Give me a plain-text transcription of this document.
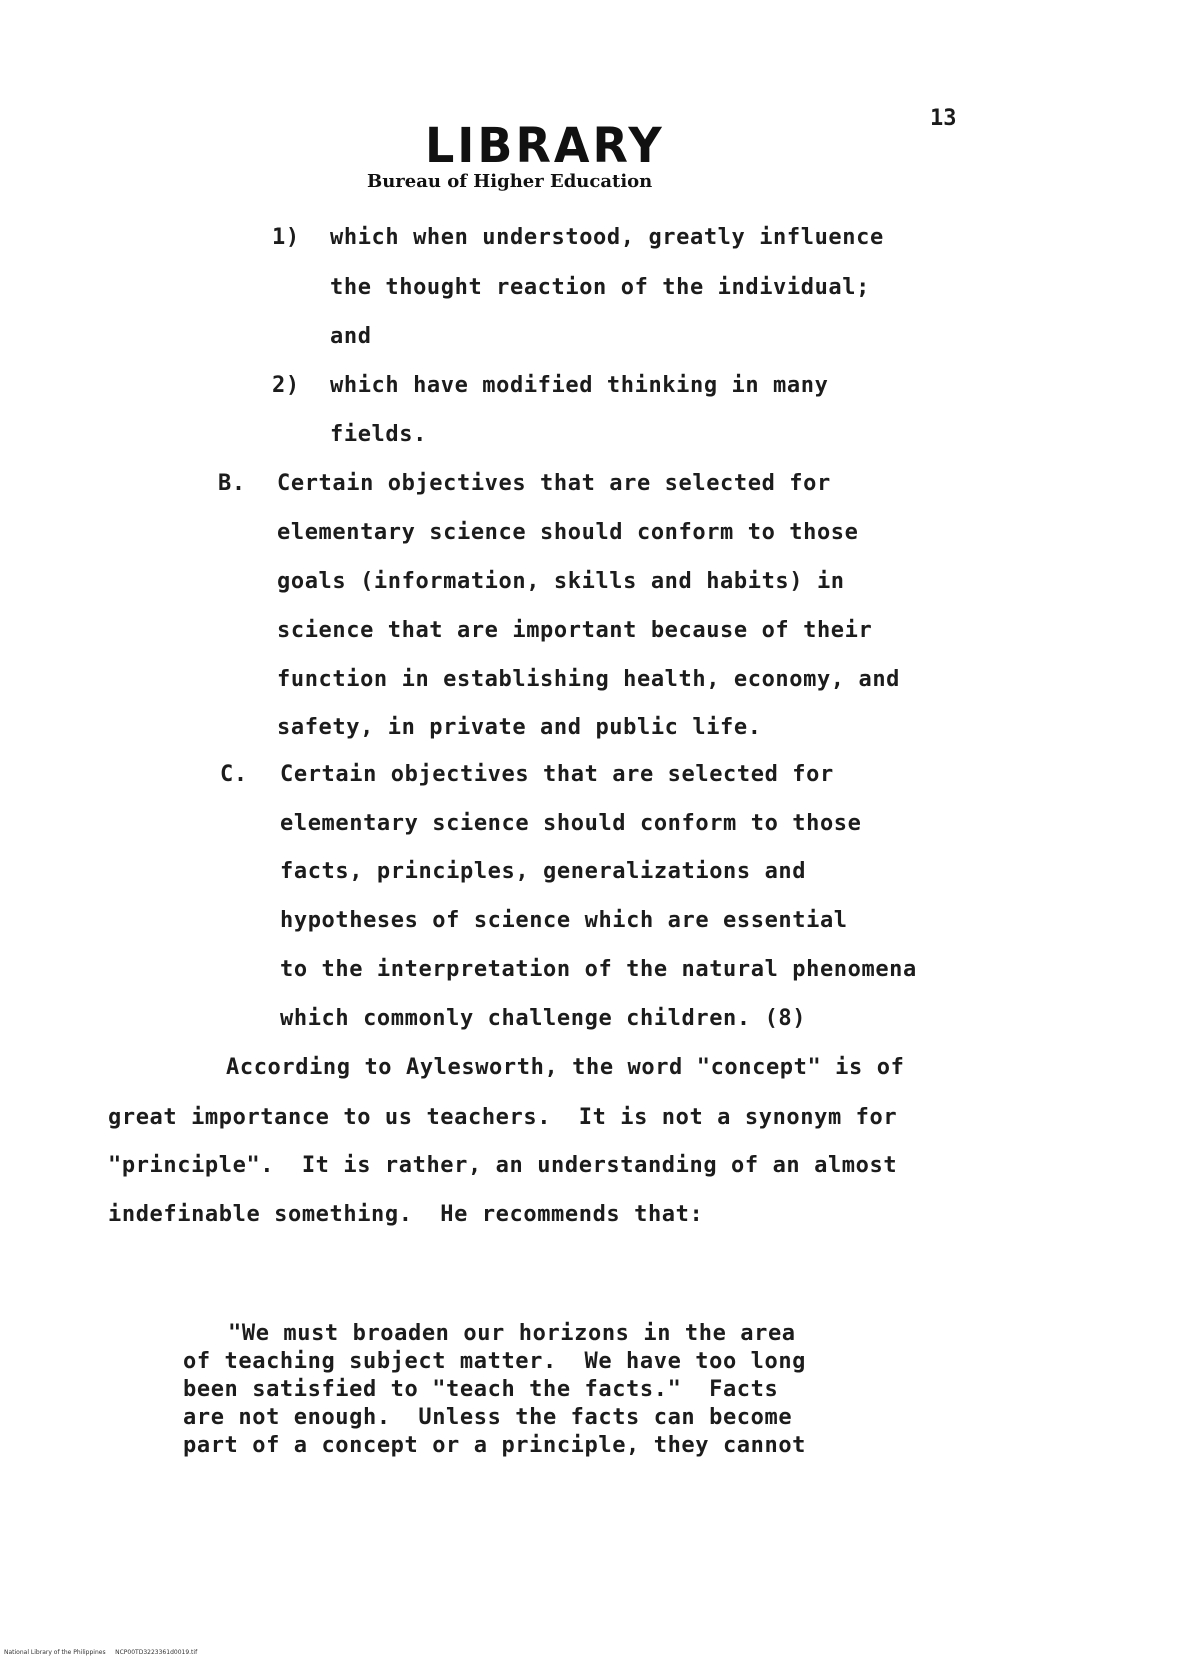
LIBRARY
Bureau of Higher Education
13
1) which when understood, greatly influence
the thought reaction of the individual;
and
2) which have modified thinking in many
fields.
B. Certain objectives that are selected for
elementary science should conform to those
goals (information, skills and habits) in
science that are important because of their
function in establishing health, economy, and
safety, in private and public life.
C. Certain objectives that are selected for
elementary science should conform to those
facts, principles, generalizations and
hypotheses of science which are essential
to the interpretation of the natural phenomena
which commonly challenge children. (8)
According to Aylesworth, the word "concept" is of
great importance to us teachers.  It is not a synonym for
"principle".  It is rather, an understanding of an almost
indefinable something.  He recommends that:
"We must broaden our horizons in the area
of teaching subject matter.  We have too long
been satisfied to "teach the facts."  Facts
are not enough.  Unless the facts can become
part of a concept or a principle, they cannot
National Library of the Philippines NCP00TD3223361d0019.tif
